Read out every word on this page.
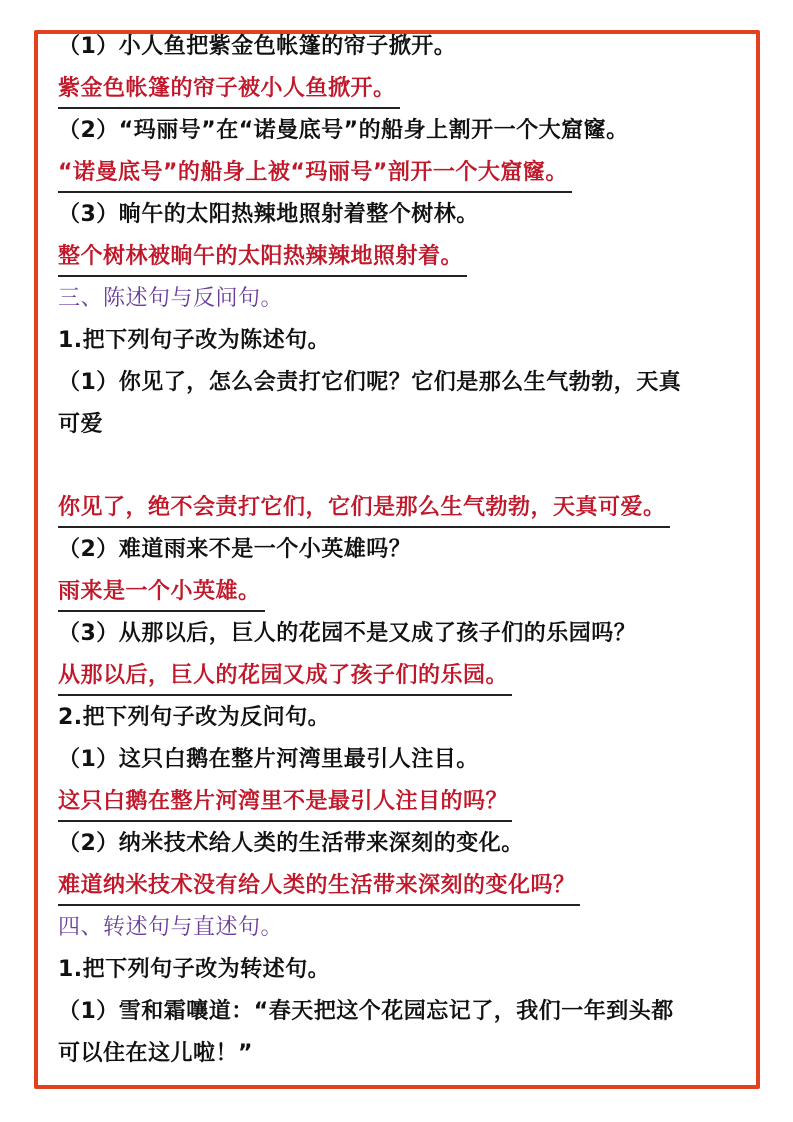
（1）小人鱼把紫金色帐篷的帘子掀开。
紫金色帐篷的帘子被小人鱼掀开。
（2）“玛丽号”在“诺曼底号”的船身上割开一个大窟窿。
“诺曼底号”的船身上被“玛丽号”剖开一个大窟窿。
（3）晌午的太阳热辣地照射着整个树林。
整个树林被晌午的太阳热辣辣地照射着。
三、陈述句与反问句。
1.把下列句子改为陈述句。
（1）你见了，怎么会责打它们呢？它们是那么生气勃勃，天真
可爱
你见了，绝不会责打它们，它们是那么生气勃勃，天真可爱。
（2）难道雨来不是一个小英雄吗？
雨来是一个小英雄。
（3）从那以后，巨人的花园不是又成了孩子们的乐园吗？
从那以后，巨人的花园又成了孩子们的乐园。
2.把下列句子改为反问句。
（1）这只白鹅在整片河湾里最引人注目。
这只白鹅在整片河湾里不是最引人注目的吗？
（2）纳米技术给人类的生活带来深刻的变化。
难道纳米技术没有给人类的生活带来深刻的变化吗？
四、转述句与直述句。
1.把下列句子改为转述句。
（1）雪和霜嚷道：“春天把这个花园忘记了，我们一年到头都
可以住在这儿啦！”
